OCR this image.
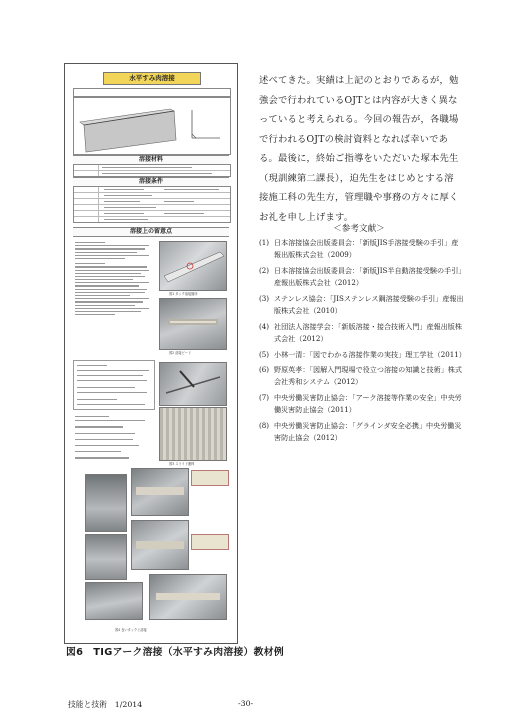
水平すみ肉溶接
溶接材料
溶接条件
溶接上の留意点
図1 タック溶接箇所
図2 溶接ビード
図3 スライド運棒
図4 良いタックと溶接
図6　TIGアーク溶接（水平すみ肉溶接）教材例
述べてきた。実績は上記のとおりであるが，勉強会で行われているOJTとは内容が大きく異なっていると考えられる。今回の報告が，各職場で行われるOJTの検討資料となれば幸いである。最後に，終始ご指導をいただいた塚本先生（現訓練第二課長），迫先生をはじめとする溶接施工科の先生方，管理職や事務の方々に厚くお礼を申し上げます。
＜参考文献＞
(1) 日本溶接協会出版委員会：「新版JIS手溶接受験の手引」産報出版株式会社（2009）
(2) 日本溶接協会出版委員会：「新版JIS半自動溶接受験の手引」産報出版株式会社（2012）
(3) ステンレス協会：「JISステンレス鋼溶接受験の手引」産報出版株式会社（2010）
(4) 社団法人溶接学会：「新版溶接・接合技術入門」産報出版株式会社（2012）
(5) 小林一清：「図でわかる溶接作業の実技」理工学社（2011）
(6) 野原英孝：「図解入門現場で役立つ溶接の知識と技術」株式会社秀和システム（2012）
(7) 中央労働災害防止協会：「アーク溶接等作業の安全」中央労働災害防止協会（2011）
(8) 中央労働災害防止協会：「グラインダ安全必携」中央労働災害防止協会（2012）
技能と技術　1/2014	-30-
